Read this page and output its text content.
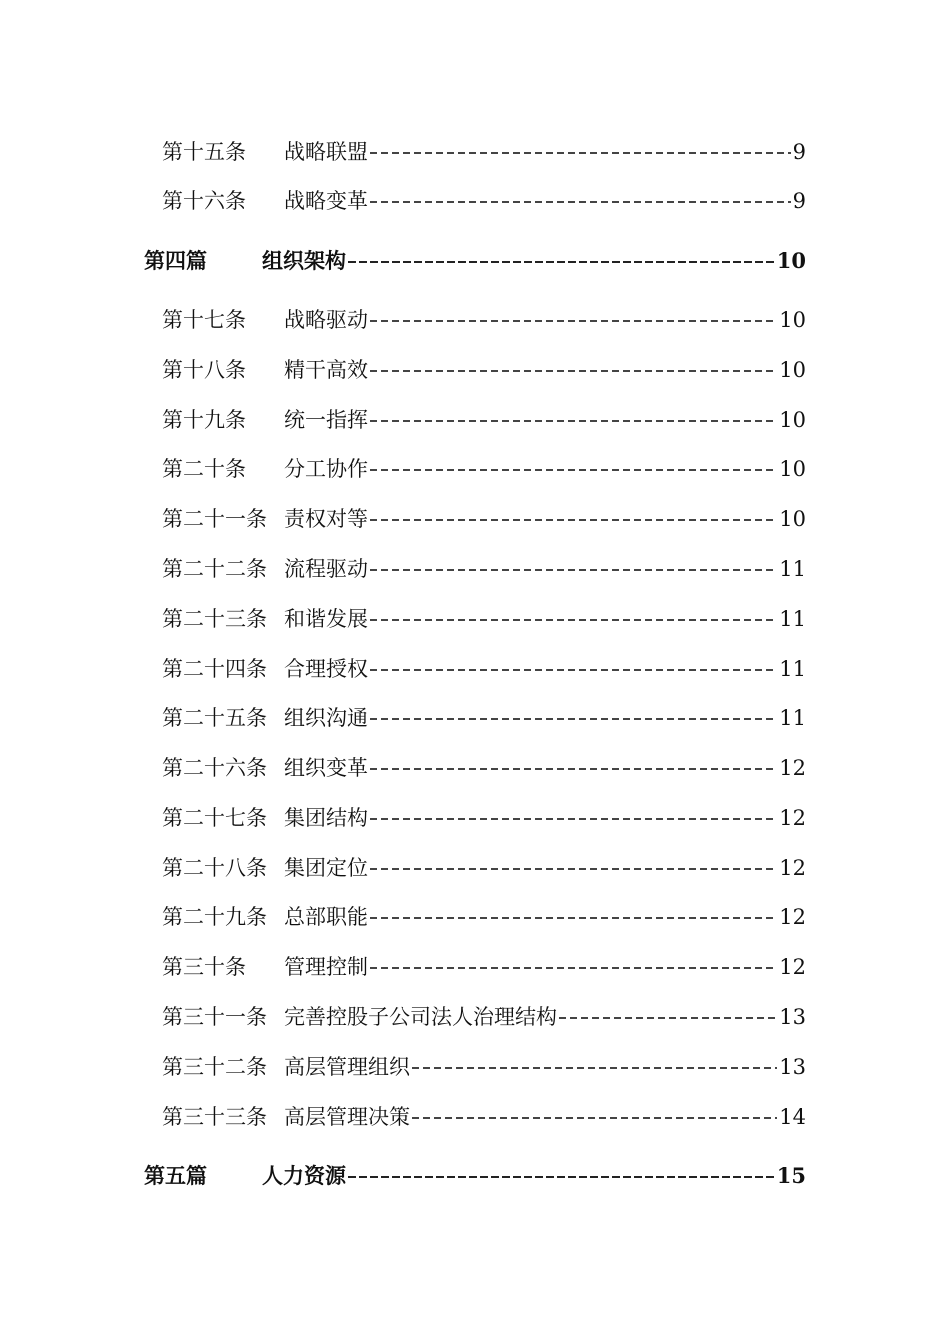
第十五条	战略联盟	9
第十六条	战略变革	9
第四篇	组织架构	10
第十七条	战略驱动	10
第十八条	精干高效	10
第十九条	统一指挥	10
第二十条	分工协作	10
第二十一条 责权对等	10
第二十二条 流程驱动	11
第二十三条 和谐发展	11
第二十四条 合理授权	11
第二十五条 组织沟通	11
第二十六条 组织变革	12
第二十七条 集团结构	12
第二十八条 集团定位	12
第二十九条 总部职能	12
第三十条	管理控制	12
第三十一条 完善控股子公司法人治理结构	13
第三十二条 高层管理组织	13
第三十三条 高层管理决策	14
第五篇	人力资源	15
